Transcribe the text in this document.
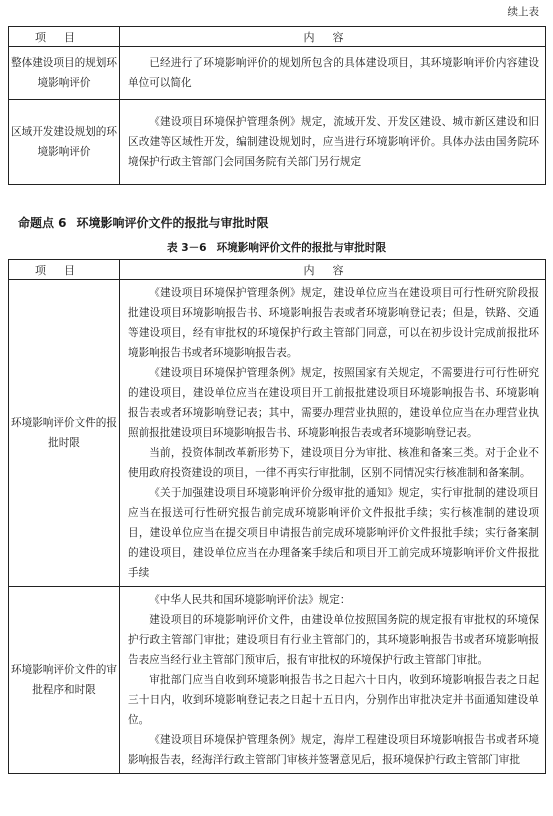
续上表
项目	内容
整体建设项目的规划环境影响评价	已经进行了环境影响评价的规划所包含的具体建设项目，其环境影响评价内容建设单位可以简化

区域开发建设规划的环境影响评价	《建设项目环境保护管理条例》规定，流域开发、开发区建设、城市新区建设和旧区改建等区域性开发，编制建设规划时，应当进行环境影响评价。具体办法由国务院环境保护行政主管部门会同国务院有关部门另行规定

命题点 6 环境影响评价文件的报批与审批时限
表 3－6 环境影响评价文件的报批与审批时限
项目	内容
环境影响评价文件的报批时限	《建设项目环境保护管理条例》规定，建设单位应当在建设项目可行性研究阶段报批建设项目环境影响报告书、环境影响报告表或者环境影响登记表；但是，铁路、交通等建设项目，经有审批权的环境保护行政主管部门同意，可以在初步设计完成前报批环境影响报告书或者环境影响报告表。

《建设项目环境保护管理条例》规定，按照国家有关规定，不需要进行可行性研究的建设项目，建设单位应当在建设项目开工前报批建设项目环境影响报告书、环境影响报告表或者环境影响登记表；其中，需要办理营业执照的，建设单位应当在办理营业执照前报批建设项目环境影响报告书、环境影响报告表或者环境影响登记表。

当前，投资体制改革新形势下，建设项目分为审批、核准和备案三类。对于企业不使用政府投资建设的项目，一律不再实行审批制，区别不同情况实行核准制和备案制。

《关于加强建设项目环境影响评价分级审批的通知》规定，实行审批制的建设项目应当在报送可行性研究报告前完成环境影响评价文件报批手续；实行核准制的建设项目，建设单位应当在提交项目申请报告前完成环境影响评价文件报批手续；实行备案制的建设项目，建设单位应当在办理备案手续后和项目开工前完成环境影响评价文件报批手续

环境影响评价文件的审批程序和时限	《中华人民共和国环境影响评价法》规定：

建设项目的环境影响评价文件，由建设单位按照国务院的规定报有审批权的环境保护行政主管部门审批；建设项目有行业主管部门的，其环境影响报告书或者环境影响报告表应当经行业主管部门预审后，报有审批权的环境保护行政主管部门审批。

审批部门应当自收到环境影响报告书之日起六十日内，收到环境影响报告表之日起三十日内，收到环境影响登记表之日起十五日内，分别作出审批决定并书面通知建设单位。

《建设项目环境保护管理条例》规定，海岸工程建设项目环境影响报告书或者环境影响报告表，经海洋行政主管部门审核并签署意见后，报环境保护行政主管部门审批
